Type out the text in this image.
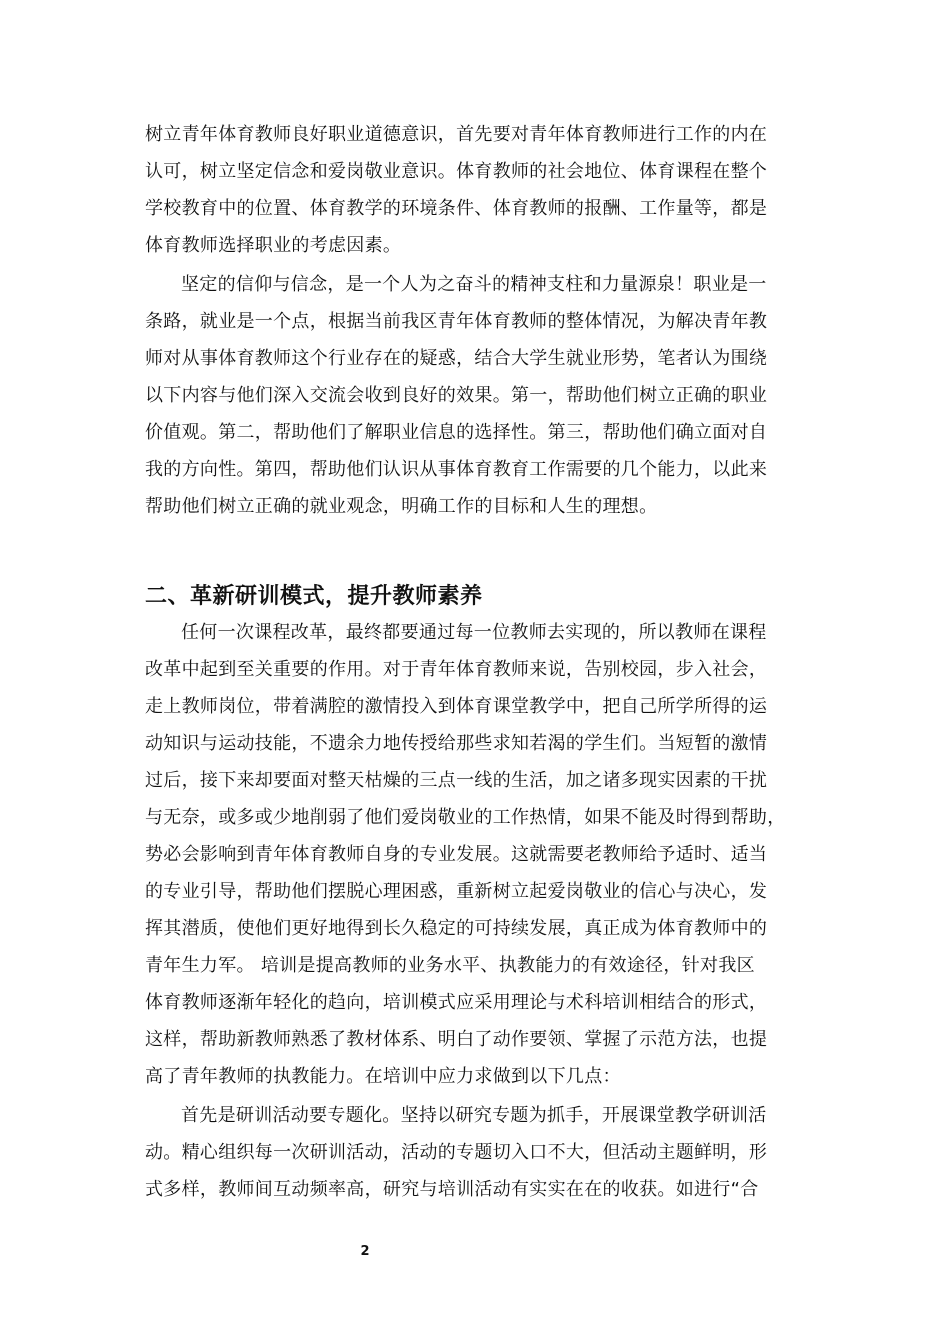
树立青年体育教师良好职业道德意识，首先要对青年体育教师进行工作的内在
认可，树立坚定信念和爱岗敬业意识。体育教师的社会地位、体育课程在整个
学校教育中的位置、体育教学的环境条件、体育教师的报酬、工作量等，都是
体育教师选择职业的考虑因素。
坚定的信仰与信念，是一个人为之奋斗的精神支柱和力量源泉！职业是一
条路，就业是一个点，根据当前我区青年体育教师的整体情况，为解决青年教
师对从事体育教师这个行业存在的疑惑，结合大学生就业形势，笔者认为围绕
以下内容与他们深入交流会收到良好的效果。第一，帮助他们树立正确的职业
价值观。第二，帮助他们了解职业信息的选择性。第三，帮助他们确立面对自
我的方向性。第四，帮助他们认识从事体育教育工作需要的几个能力，以此来
帮助他们树立正确的就业观念，明确工作的目标和人生的理想。
二、革新研训模式，提升教师素养
任何一次课程改革，最终都要通过每一位教师去实现的，所以教师在课程
改革中起到至关重要的作用。对于青年体育教师来说，告别校园，步入社会，
走上教师岗位，带着满腔的激情投入到体育课堂教学中，把自己所学所得的运
动知识与运动技能，不遗余力地传授给那些求知若渴的学生们。当短暂的激情
过后，接下来却要面对整天枯燥的三点一线的生活，加之诸多现实因素的干扰
与无奈，或多或少地削弱了他们爱岗敬业的工作热情，如果不能及时得到帮助，
势必会影响到青年体育教师自身的专业发展。这就需要老教师给予适时、适当
的专业引导，帮助他们摆脱心理困惑，重新树立起爱岗敬业的信心与决心，发
挥其潜质，使他们更好地得到长久稳定的可持续发展，真正成为体育教师中的
青年生力军。 培训是提高教师的业务水平、执教能力的有效途径，针对我区
体育教师逐渐年轻化的趋向，培训模式应采用理论与术科培训相结合的形式，
这样，帮助新教师熟悉了教材体系、明白了动作要领、掌握了示范方法，也提
高了青年教师的执教能力。在培训中应力求做到以下几点：
首先是研训活动要专题化。坚持以研究专题为抓手，开展课堂教学研训活
动。精心组织每一次研训活动，活动的专题切入口不大，但活动主题鲜明，形
式多样，教师间互动频率高，研究与培训活动有实实在在的收获。如进行“合
2
